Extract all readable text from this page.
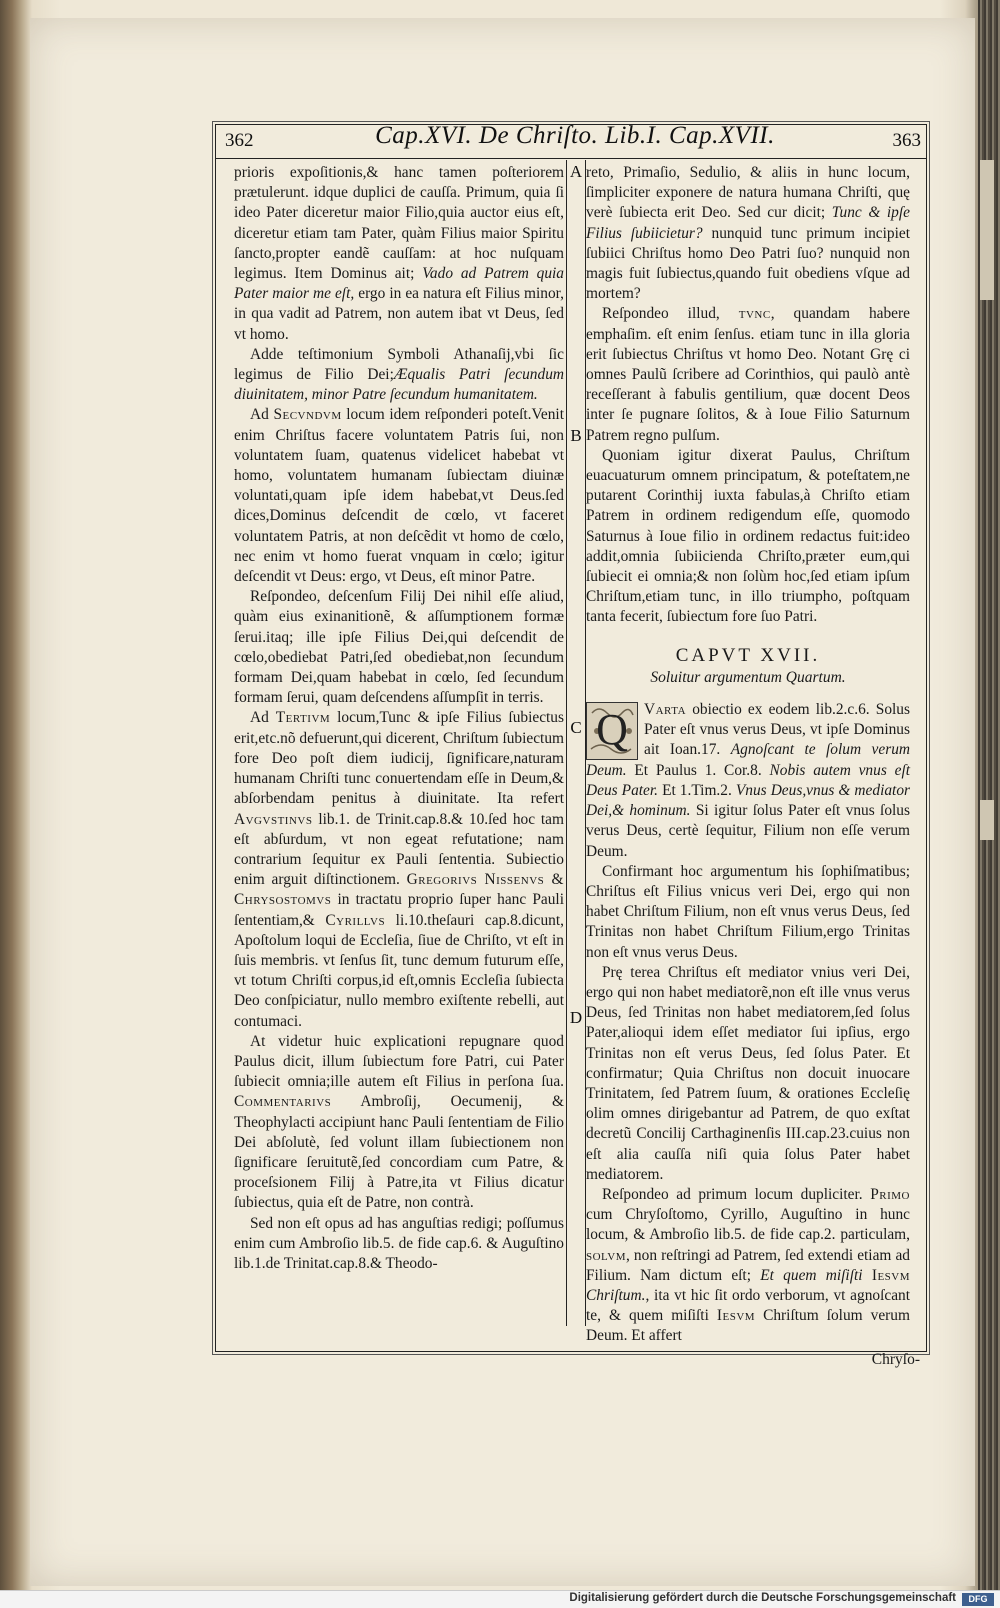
362	Cap.XVI. De Chriſto. Lib.I. Cap.XVII.	363
A
B
C
D

prioris expoſitionis,& hanc tamen poſteriorem prætulerunt. idque duplici de cauſſa. Primum, quia ſi ideo Pater diceretur maior Filio,quia auctor eius eſt, diceretur etiam tam Pater, quàm Filius maior Spiritu ſancto,propter eandẽ cauſſam: at hoc nuſquam legimus. Item Dominus ait; Vado ad Patrem quia Pater maior me eſt, ergo in ea natura eſt Filius minor, in qua vadit ad Patrem, non autem ibat vt Deus, ſed vt homo.

Adde teſtimonium Symboli Athanaſij,vbi ſic legimus de Filio Dei;Æqualis Patri ſecundum diuinitatem, minor Patre ſecundum humanitatem.

Ad Secvndvm locum idem reſponderi poteſt.Venit enim Chriſtus facere voluntatem Patris ſui, non voluntatem ſuam, quatenus videlicet habebat vt homo, voluntatem humanam ſubiectam diuinæ voluntati,quam ipſe idem habebat,vt Deus.ſed dices,Dominus deſcendit de cœlo, vt faceret voluntatem Patris, at non deſcẽdit vt homo de cœlo, nec enim vt homo fuerat vnquam in cœlo; igitur deſcendit vt Deus: ergo, vt Deus, eſt minor Patre.

Reſpondeo, deſcenſum Filij Dei nihil eſſe aliud, quàm eius exinanitionẽ, & aſſumptionem formæ ſerui.itaq; ille ipſe Filius Dei,qui deſcendit de cœlo,obediebat Patri,ſed obediebat,non ſecundum formam Dei,quam habebat in cœlo, ſed ſecundum formam ſerui, quam deſcendens aſſumpſit in terris.

Ad Tertivm locum,Tunc & ipſe Filius ſubiectus erit,etc.nõ defuerunt,qui dicerent, Chriſtum ſubiectum fore Deo poſt diem iudicij, ſignificare,naturam humanam Chriſti tunc conuertendam eſſe in Deum,& abſorbendam penitus à diuinitate. Ita refert Avgvstinvs lib.1. de Trinit.cap.8.& 10.ſed hoc tam eſt abſurdum, vt non egeat refutatione; nam contrarium ſequitur ex Pauli ſententia. Subiectio enim arguit diſtinctionem. Gregorivs Nissenvs & Chrysostomvs in tractatu proprio ſuper hanc Pauli ſententiam,& Cyrillvs li.10.theſauri cap.8.dicunt, Apoſtolum loqui de Eccleſia, ſiue de Chriſto, vt eſt in ſuis membris. vt ſenſus ſit, tunc demum futurum eſſe, vt totum Chriſti corpus,id eſt,omnis Eccleſia ſubiecta Deo conſpiciatur, nullo membro exiſtente rebelli, aut contumaci.

At videtur huic explicationi repugnare quod Paulus dicit, illum ſubiectum fore Patri, cui Pater ſubiecit omnia;ille autem eſt Filius in perſona ſua. Commentarivs Ambroſij, Oecumenij, & Theophylacti accipiunt hanc Pauli ſententiam de Filio Dei abſolutè, ſed volunt illam ſubiectionem non ſignificare ſeruitutẽ,ſed concordiam cum Patre, & proceſsionem Filij à Patre,ita vt Filius dicatur ſubiectus, quia eſt de Patre, non contrà.

Sed non eſt opus ad has anguſtias redigi; poſſumus enim cum Ambroſio lib.5. de fide cap.6. & Auguſtino lib.1.de Trinitat.cap.8.& Theodo-

reto, Primaſio, Sedulio, & aliis in hunc locum, ſimpliciter exponere de natura humana Chriſti, quę verè ſubiecta erit Deo. Sed cur dicit; Tunc & ipſe Filius ſubiicietur? nunquid tunc primum incipiet ſubiici Chriſtus homo Deo Patri ſuo? nunquid non magis fuit ſubiectus,quando fuit obediens vſque ad mortem?

Reſpondeo illud, tvnc, quandam habere emphaſim. eſt enim ſenſus. etiam tunc in illa gloria erit ſubiectus Chriſtus vt homo Deo. Notant Grę ci omnes Paulũ ſcribere ad Corinthios, qui paulò antè receſſerant à fabulis gentilium, quæ docent Deos inter ſe pugnare ſolitos, & à Ioue Filio Saturnum Patrem regno pulſum.

Quoniam igitur dixerat Paulus, Chriſtum euacuaturum omnem principatum, & poteſtatem,ne putarent Corinthij iuxta fabulas,à Chriſto etiam Patrem in ordinem redigendum eſſe, quomodo Saturnus à Ioue filio in ordinem redactus fuit:ideo addit,omnia ſubiicienda Chriſto,præter eum,qui ſubiecit ei omnia;& non ſolùm hoc,ſed etiam ipſum Chriſtum,etiam tunc, in illo triumpho, poſtquam tanta fecerit, ſubiectum fore ſuo Patri.

CAPVT XVII.
Soluitur argumentum Quartum.

Q	Varta obiectio ex eodem lib.2.c.6. Solus Pater eſt vnus verus Deus, vt ipſe Dominus ait Ioan.17. Agnoſcant te ſolum verum Deum. Et Paulus 1. Cor.8. Nobis autem vnus eſt Deus Pater. Et 1.Tim.2. Vnus Deus,vnus & mediator Dei,& hominum. Si igitur ſolus Pater eſt vnus ſolus verus Deus, certè ſequitur, Filium non eſſe verum Deum.

Confirmant hoc argumentum his ſophiſmatibus; Chriſtus eſt Filius vnicus veri Dei, ergo qui non habet Chriſtum Filium, non eſt vnus verus Deus, ſed Trinitas non habet Chriſtum Filium,ergo Trinitas non eſt vnus verus Deus.

Prę terea Chriſtus eſt mediator vnius veri Dei, ergo qui non habet mediatorẽ,non eſt ille vnus verus Deus, ſed Trinitas non habet mediatorem,ſed ſolus Pater,alioqui idem eſſet mediator ſui ipſius, ergo Trinitas non eſt verus Deus, ſed ſolus Pater. Et confirmatur; Quia Chriſtus non docuit inuocare Trinitatem, ſed Patrem ſuum, & orationes Eccleſię olim omnes dirigebantur ad Patrem, de quo exſtat decretũ Concilij Carthaginenſis III.cap.23.cuius non eſt alia cauſſa niſi quia ſolus Pater habet mediatorem.

Reſpondeo ad primum locum dupliciter. Primo cum Chryſoſtomo, Cyrillo, Auguſtino in hunc locum, & Ambroſio lib.5. de fide cap.2. particulam, solvm, non reſtringi ad Patrem, ſed extendi etiam ad Filium. Nam dictum eſt; Et quem miſiſti Iesvm Chriſtum., ita vt hic ſit ordo verborum, vt agnoſcant te, & quem miſiſti Iesvm Chriſtum ſolum verum Deum. Et affert

Chryſo-
Digitalisierung gefördert durch die Deutsche Forschungsgemeinschaft	DFG
